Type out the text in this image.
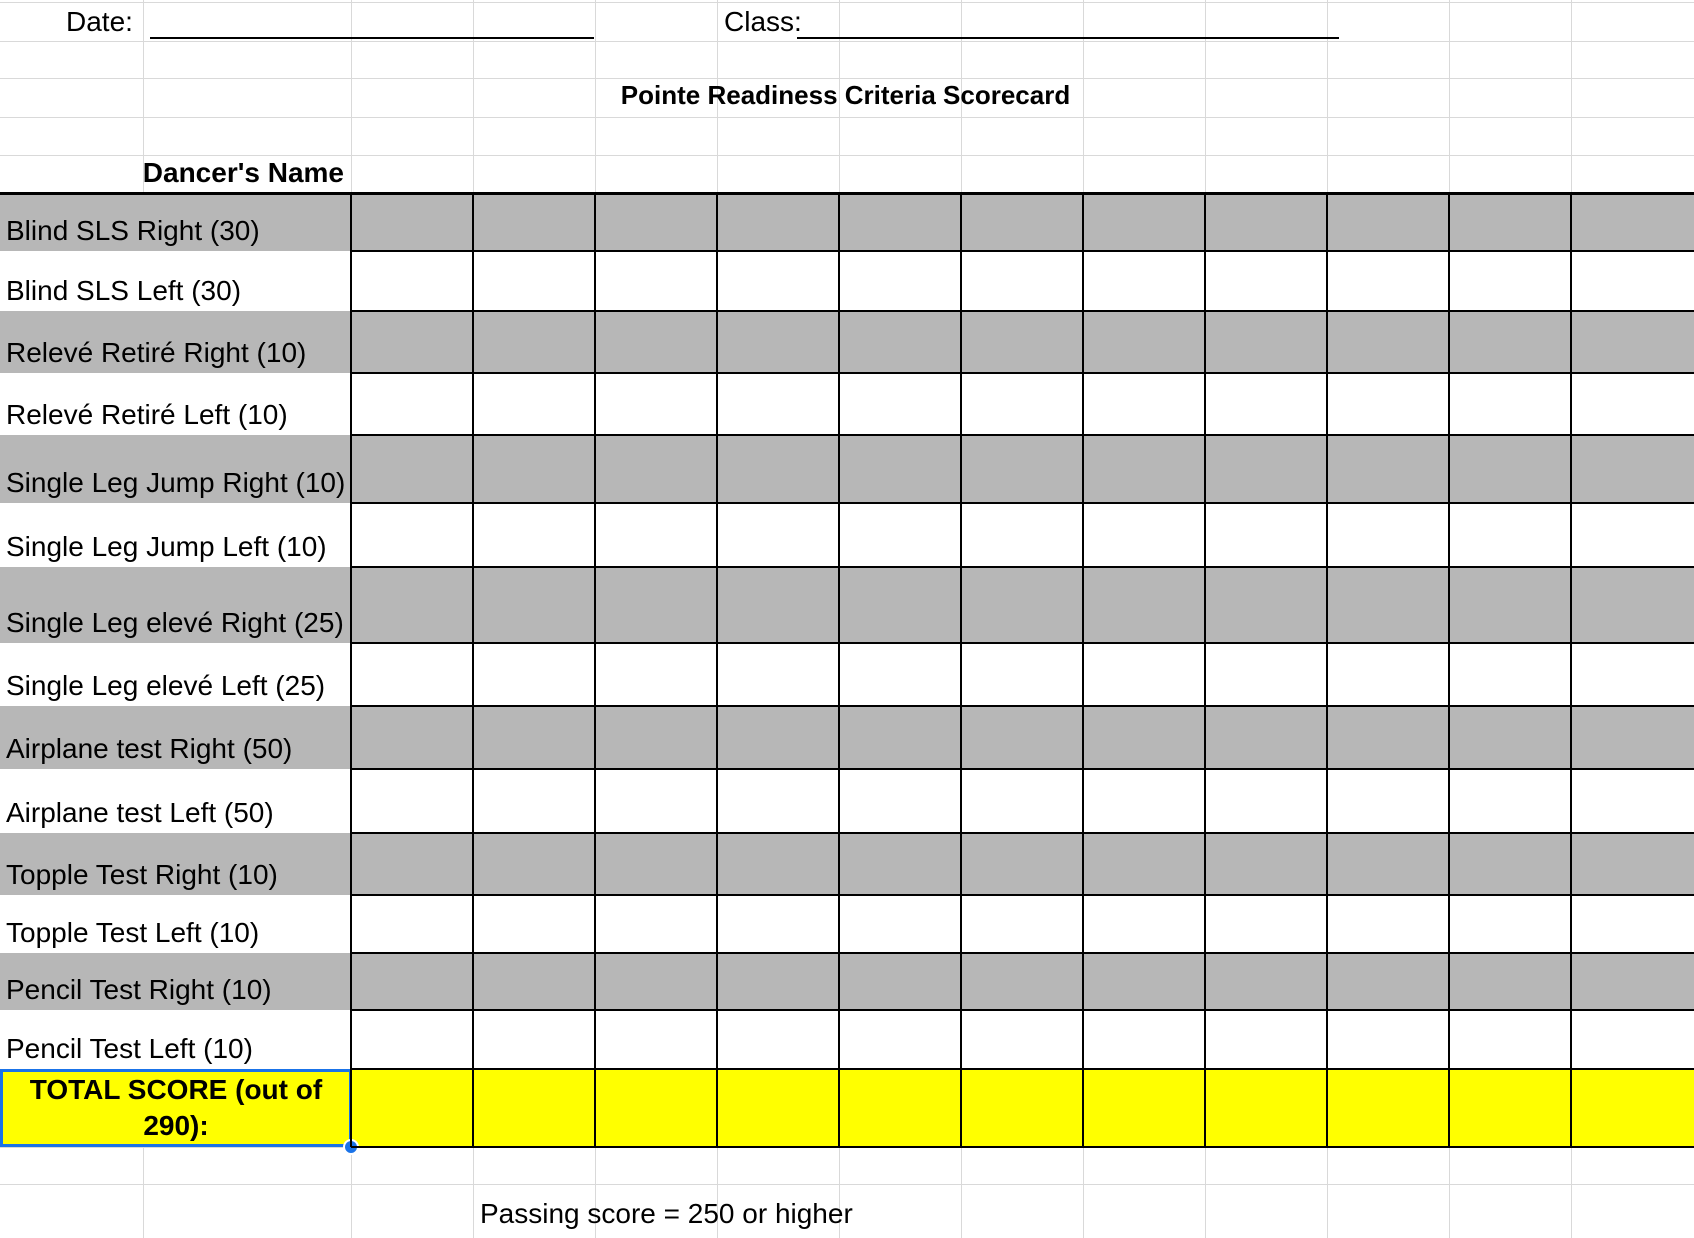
Date:	Class:
Pointe Readiness Criteria Scorecard
Dancer's Name
Blind SLS Right (30)
Blind SLS Left (30)
Relevé Retiré Right (10)
Relevé Retiré Left (10)
Single Leg Jump Right (10)
Single Leg Jump Left (10)
Single Leg elevé Right (25)
Single Leg elevé Left (25)
Airplane test Right (50)
Airplane test Left (50)
Topple Test Right (10)
Topple Test Left (10)
Pencil Test Right (10)
Pencil Test Left (10)
TOTAL SCORE (out of 290):
Passing score = 250 or higher
